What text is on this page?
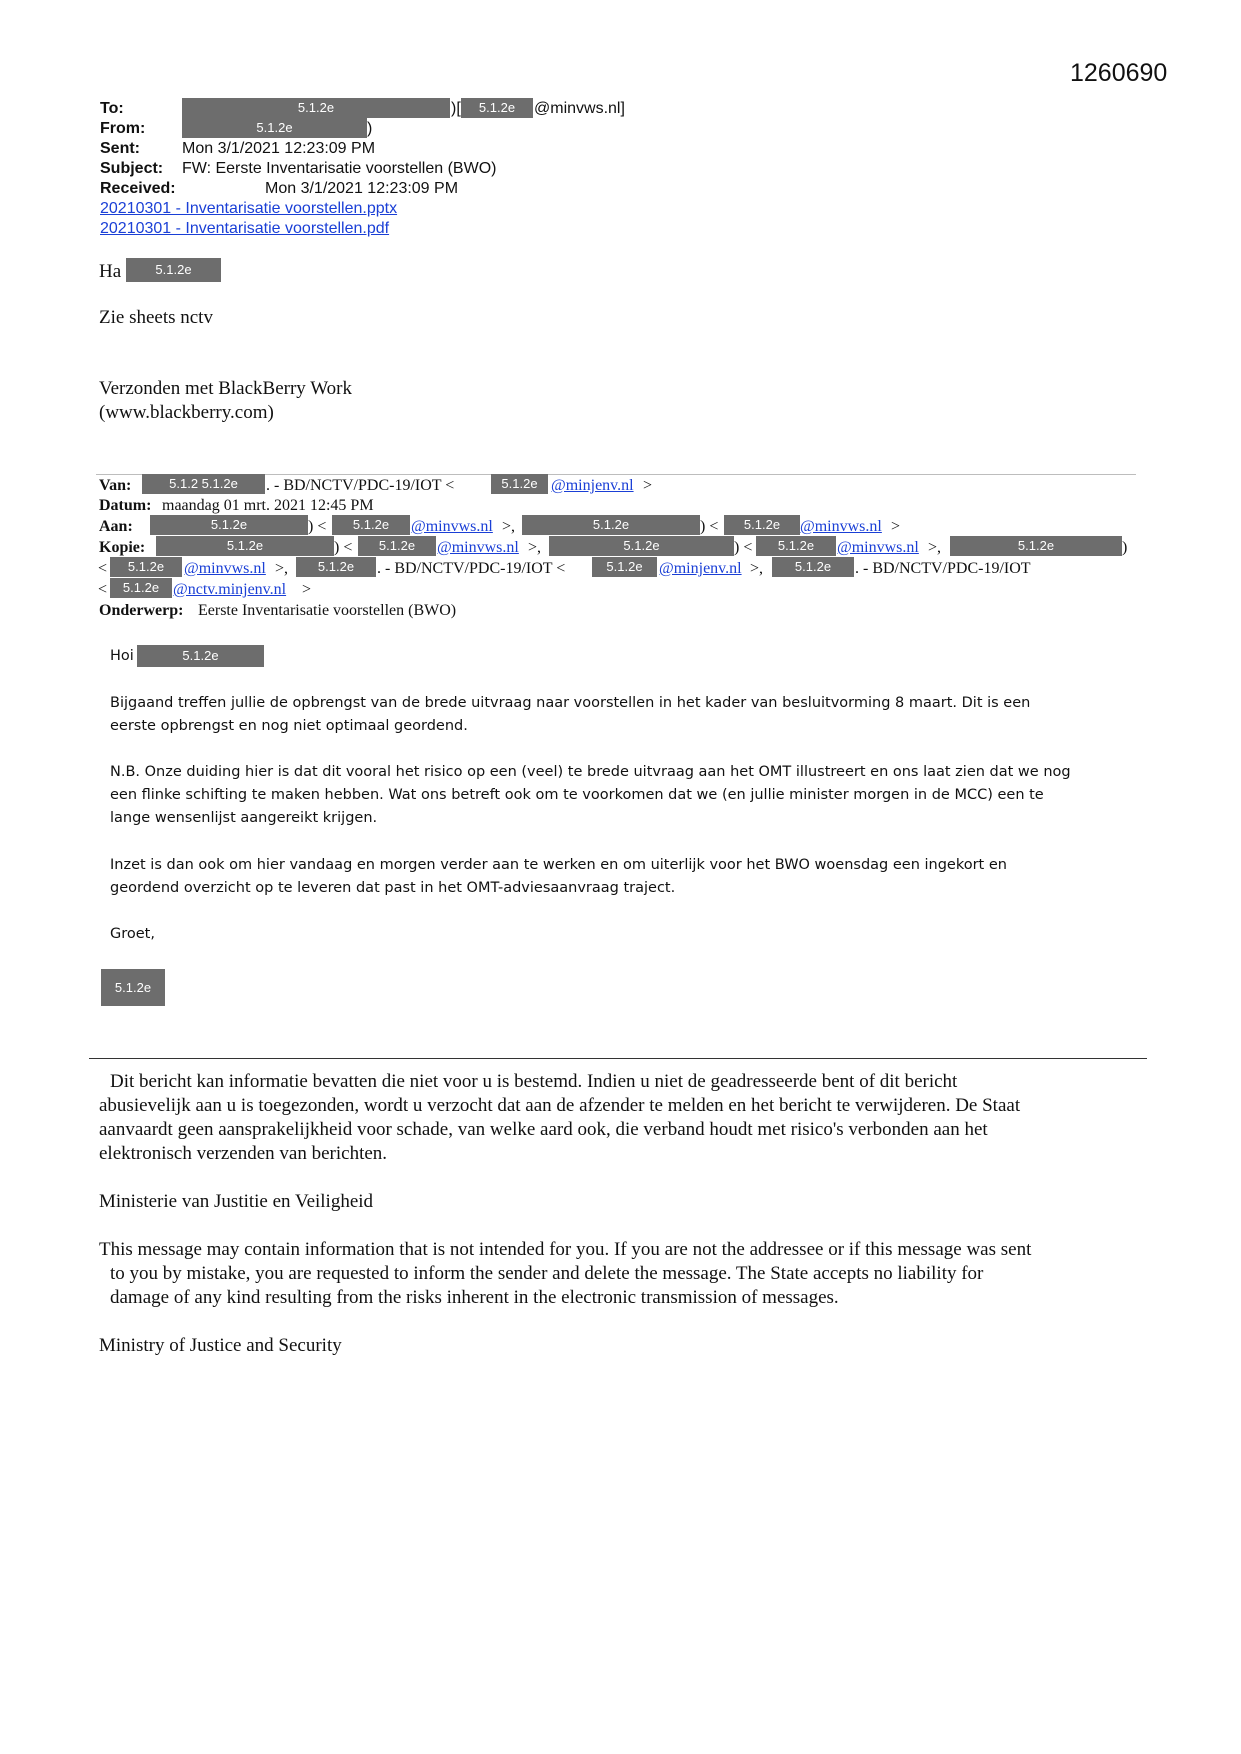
1260690
To:	5.1.2e	)[	5.1.2e	@minvws.nl]
From:	5.1.2e	)
Sent:	Mon 3/1/2021 12:23:09 PM
Subject: FW: Eerste Inventarisatie voorstellen (BWO)
Received:	Mon 3/1/2021 12:23:09 PM
20210301 - Inventarisatie voorstellen.pptx
20210301 - Inventarisatie voorstellen.pdf
Ha	5.1.2e
Zie sheets nctv
Verzonden met BlackBerry Work
(www.blackberry.com)
Van:	5.1.2 5.1.2e	. - BD/NCTV/PDC-19/IOT <	5.1.2e @minjenv.nl >
Datum: maandag 01 mrt. 2021 12:45 PM
Aan:	5.1.2e	) <	5.1.2e	@minvws.nl >,	5.1.2e	) <	5.1.2e	@minvws.nl >
Kopie:	5.1.2e	) <	5.1.2e	@minvws.nl >,	5.1.2e	) <	5.1.2e	@minvws.nl >,	5.1.2e	)
<	5.1.2e	@minvws.nl >,	5.1.2e	. - BD/NCTV/PDC-19/IOT <	5.1.2e	@minjenv.nl >,	5.1.2e	. - BD/NCTV/PDC-19/IOT
<	5.1.2e @nctv.minjenv.nl >
Onderwerp: Eerste Inventarisatie voorstellen (BWO)
Hoi	5.1.2e
Bijgaand treffen jullie de opbrengst van de brede uitvraag naar voorstellen in het kader van besluitvorming 8 maart. Dit is een
eerste opbrengst en nog niet optimaal geordend.
N.B. Onze duiding hier is dat dit vooral het risico op een (veel) te brede uitvraag aan het OMT illustreert en ons laat zien dat we nog
een flinke schifting te maken hebben. Wat ons betreft ook om te voorkomen dat we (en jullie minister morgen in de MCC) een te
lange wensenlijst aangereikt krijgen.
Inzet is dan ook om hier vandaag en morgen verder aan te werken en om uiterlijk voor het BWO woensdag een ingekort en
geordend overzicht op te leveren dat past in het OMT-adviesaanvraag traject.
Groet,
5.1.2e
Dit bericht kan informatie bevatten die niet voor u is bestemd. Indien u niet de geadresseerde bent of dit bericht
abusievelijk aan u is toegezonden, wordt u verzocht dat aan de afzender te melden en het bericht te verwijderen. De Staat
aanvaardt geen aansprakelijkheid voor schade, van welke aard ook, die verband houdt met risico's verbonden aan het
elektronisch verzenden van berichten.
Ministerie van Justitie en Veiligheid
This message may contain information that is not intended for you. If you are not the addressee or if this message was sent
to you by mistake, you are requested to inform the sender and delete the message. The State accepts no liability for
damage of any kind resulting from the risks inherent in the electronic transmission of messages.
Ministry of Justice and Security
